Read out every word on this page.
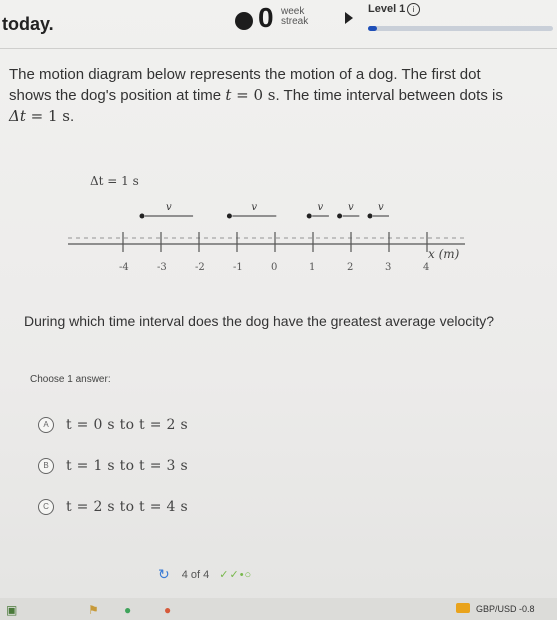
today.	0 week
streak
Level 1 i
The motion diagram below represents the motion of a dog. The first dot
shows the dog's position at time t = 0 s. The time interval between dots is
Δt = 1 s.
Δt = 1 s
x (m)
-4	-3	-2	-1	0	1	2	3	4
v	v	v v v
During which time interval does the dog have the greatest average velocity?
Choose 1 answer:
A	t = 0 s to t = 2 s
B	t = 1 s to t = 3 s
C	t = 2 s to t = 4 s
↻ 4 of 4 ✓✓•○
▣	⚑ ●	●	GBP/USD -0.8
